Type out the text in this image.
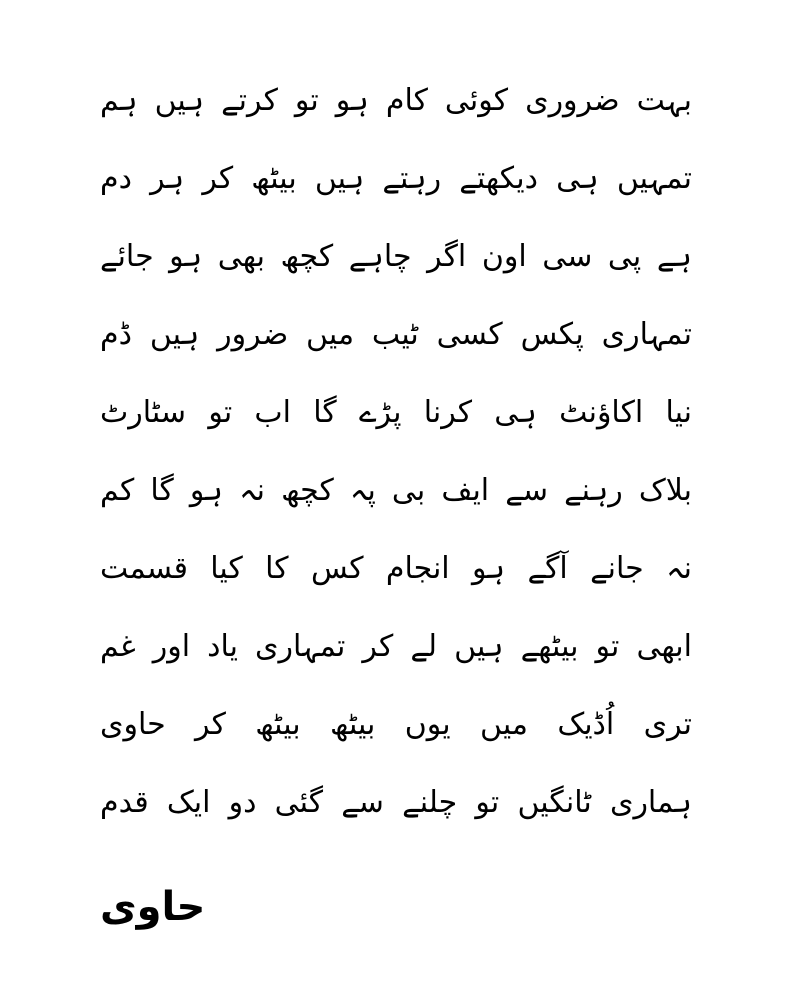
بہت ضروری کوئی کام ہو تو کرتے ہیں ہم
تمہیں ہی دیکھتے رہتے ہیں بیٹھ کر ہر دم
ہے پی سی اون اگر چاہے کچھ بھی ہو جائے
تمہاری پکس کسی ٹیب میں ضرور ہیں ڈم
نیا اکاؤنٹ ہی کرنا پڑے گا اب تو سٹارٹ
بلاک رہنے سے ایف بی پہ کچھ نہ ہو گا کم
نہ جانے آگے ہو انجام کس کا کیا قسمت
ابھی تو بیٹھے ہیں لے کر تمہاری یاد اور غم
تری اُڈیک میں یوں بیٹھ بیٹھ کر حاوی
ہماری ٹانگیں تو چلنے سے گئی دو ایک قدم
حاوی
